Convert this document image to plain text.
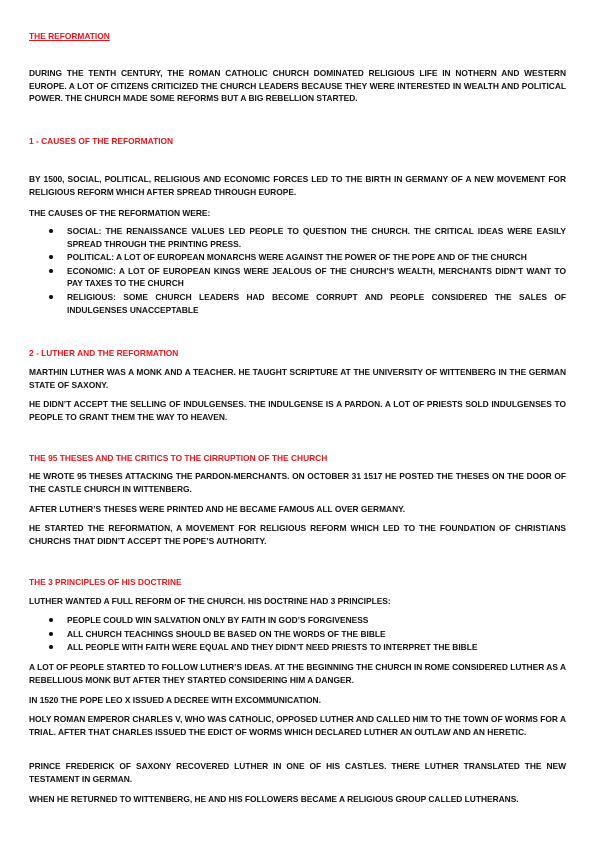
THE REFORMATION

DURING THE TENTH CENTURY, THE ROMAN CATHOLIC CHURCH DOMINATED RELIGIOUS LIFE IN NOTHERN AND WESTERN EUROPE. A LOT OF CITIZENS CRITICIZED THE CHURCH LEADERS BECAUSE THEY WERE INTERESTED IN WEALTH AND POLITICAL POWER. THE CHURCH MADE SOME REFORMS BUT A BIG REBELLION STARTED.

1 - CAUSES OF THE REFORMATION

BY 1500, SOCIAL, POLITICAL, RELIGIOUS AND ECONOMIC FORCES LED TO THE BIRTH IN GERMANY OF A NEW MOVEMENT FOR RELIGIOUS REFORM WHICH AFTER SPREAD THROUGH EUROPE.

THE CAUSES OF THE REFORMATION WERE:

SOCIAL: THE RENAISSANCE VALUES LED PEOPLE TO QUESTION THE CHURCH. THE CRITICAL IDEAS WERE EASILY SPREAD THROUGH THE PRINTING PRESS.
POLITICAL: A LOT OF EUROPEAN MONARCHS WERE AGAINST THE POWER OF THE POPE AND OF THE CHURCH
ECONOMIC: A LOT OF EUROPEAN KINGS WERE JEALOUS OF THE CHURCH’S WEALTH, MERCHANTS DIDN’T WANT TO PAY TAXES TO THE CHURCH
RELIGIOUS: SOME CHURCH LEADERS HAD BECOME CORRUPT AND PEOPLE CONSIDERED THE SALES OF INDULGENSES UNACCEPTABLE

2 - LUTHER AND THE REFORMATION

MARTHIN LUTHER WAS A MONK AND A TEACHER. HE TAUGHT SCRIPTURE AT THE UNIVERSITY OF WITTENBERG IN THE GERMAN STATE OF SAXONY.

HE DIDN’T ACCEPT THE SELLING OF INDULGENSES. THE INDULGENSE IS A PARDON. A LOT OF PRIESTS SOLD INDULGENSES TO PEOPLE TO GRANT THEM THE WAY TO HEAVEN.

THE 95 THESES AND THE CRITICS TO THE CIRRUPTION OF THE CHURCH

HE WROTE 95 THESES ATTACKING THE PARDON-MERCHANTS. ON OCTOBER 31 1517 HE POSTED THE THESES ON THE DOOR OF THE CASTLE CHURCH IN WITTENBERG.

AFTER LUTHER’S THESES WERE PRINTED AND HE BECAME FAMOUS ALL OVER GERMANY.

HE STARTED THE REFORMATION, A MOVEMENT FOR RELIGIOUS REFORM WHICH LED TO THE FOUNDATION OF CHRISTIANS CHURCHS THAT DIDN’T ACCEPT THE POPE’S AUTHORITY.

THE 3 PRINCIPLES OF HIS DOCTRINE

LUTHER WANTED A FULL REFORM OF THE CHURCH. HIS DOCTRINE HAD 3 PRINCIPLES:

PEOPLE COULD WIN SALVATION ONLY BY FAITH IN GOD’S FORGIVENESS
ALL CHURCH TEACHINGS SHOULD BE BASED ON THE WORDS OF THE BIBLE
ALL PEOPLE WITH FAITH WERE EQUAL AND THEY DIDN’T NEED PRIESTS TO INTERPRET THE BIBLE

A LOT OF PEOPLE STARTED TO FOLLOW LUTHER’S IDEAS. AT THE BEGINNING THE CHURCH IN ROME CONSIDERED LUTHER AS A REBELLIOUS MONK BUT AFTER THEY STARTED CONSIDERING HIM A DANGER.

IN 1520 THE POPE LEO X ISSUED A DECREE WITH EXCOMMUNICATION.

HOLY ROMAN EMPEROR CHARLES V, WHO WAS CATHOLIC, OPPOSED LUTHER AND CALLED HIM TO THE TOWN OF WORMS FOR A TRIAL. AFTER THAT CHARLES ISSUED THE EDICT OF WORMS WHICH DECLARED LUTHER AN OUTLAW AND AN HERETIC.

PRINCE FREDERICK OF SAXONY RECOVERED LUTHER IN ONE OF HIS CASTLES. THERE LUTHER TRANSLATED THE NEW TESTAMENT IN GERMAN.

WHEN HE RETURNED TO WITTENBERG, HE AND HIS FOLLOWERS BECAME A RELIGIOUS GROUP CALLED LUTHERANS.
